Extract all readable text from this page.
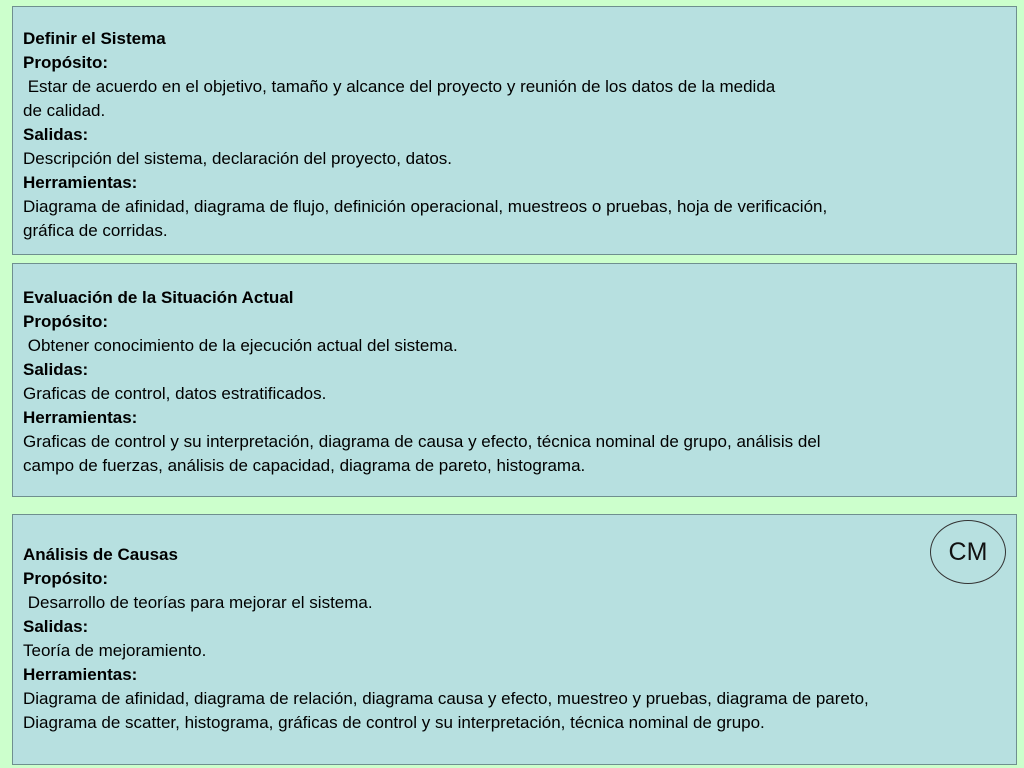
Definir el Sistema
Propósito:
Estar de acuerdo en el objetivo, tamaño y alcance del proyecto y reunión de los datos de la medida
de calidad.
Salidas:
Descripción del sistema, declaración del proyecto, datos.
Herramientas:
Diagrama de afinidad, diagrama de flujo, definición operacional, muestreos o pruebas, hoja de verificación,
gráfica de corridas.
Evaluación de la Situación Actual
Propósito:
Obtener conocimiento de la ejecución actual del sistema.
Salidas:
Graficas de control, datos estratificados.
Herramientas:
Graficas de control y su interpretación, diagrama de causa y efecto, técnica nominal de grupo, análisis del
campo de fuerzas, análisis de capacidad, diagrama de pareto, histograma.
Análisis de Causas
Propósito:
Desarrollo de teorías para mejorar el sistema.
Salidas:
Teoría de mejoramiento.
Herramientas:
Diagrama de afinidad, diagrama de relación, diagrama causa y efecto, muestreo y pruebas, diagrama de pareto,
Diagrama de scatter, histograma, gráficas de control y su interpretación, técnica nominal de grupo.
CM
